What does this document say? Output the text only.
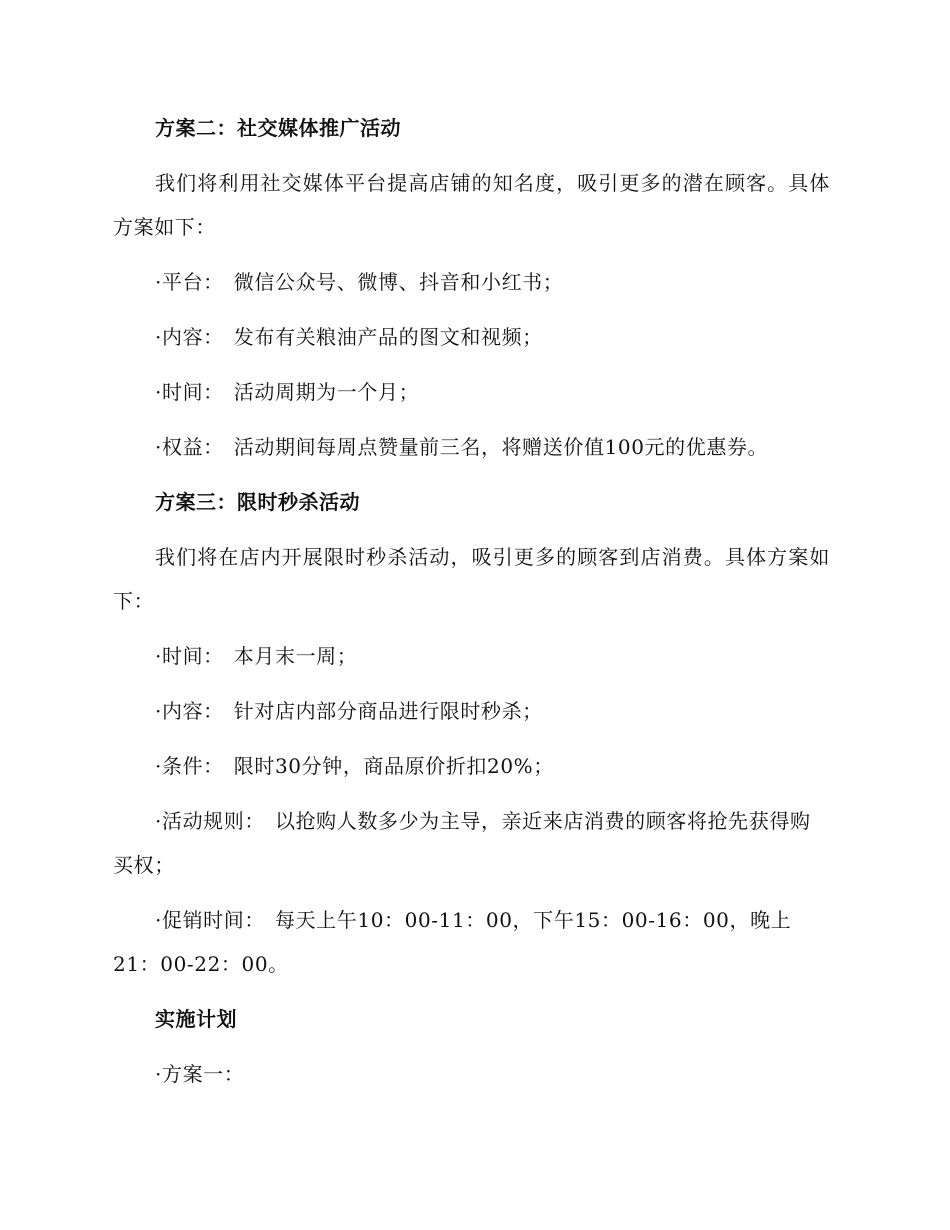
方案二：社交媒体推广活动
我们将利用社交媒体平台提高店铺的知名度，吸引更多的潜在顾客。具体方案如下：
·平台： 微信公众号、微博、抖音和小红书；
·内容： 发布有关粮油产品的图文和视频；
·时间： 活动周期为一个月；
·权益： 活动期间每周点赞量前三名，将赠送价值100元的优惠券。
方案三：限时秒杀活动
我们将在店内开展限时秒杀活动，吸引更多的顾客到店消费。具体方案如下：
·时间： 本月末一周；
·内容： 针对店内部分商品进行限时秒杀；
·条件： 限时30分钟，商品原价折扣20%；
·活动规则： 以抢购人数多少为主导，亲近来店消费的顾客将抢先获得购买权；
·促销时间： 每天上午10：00-11：00，下午15：00-16：00，晚上21：00-22：00。
实施计划
·方案一：
